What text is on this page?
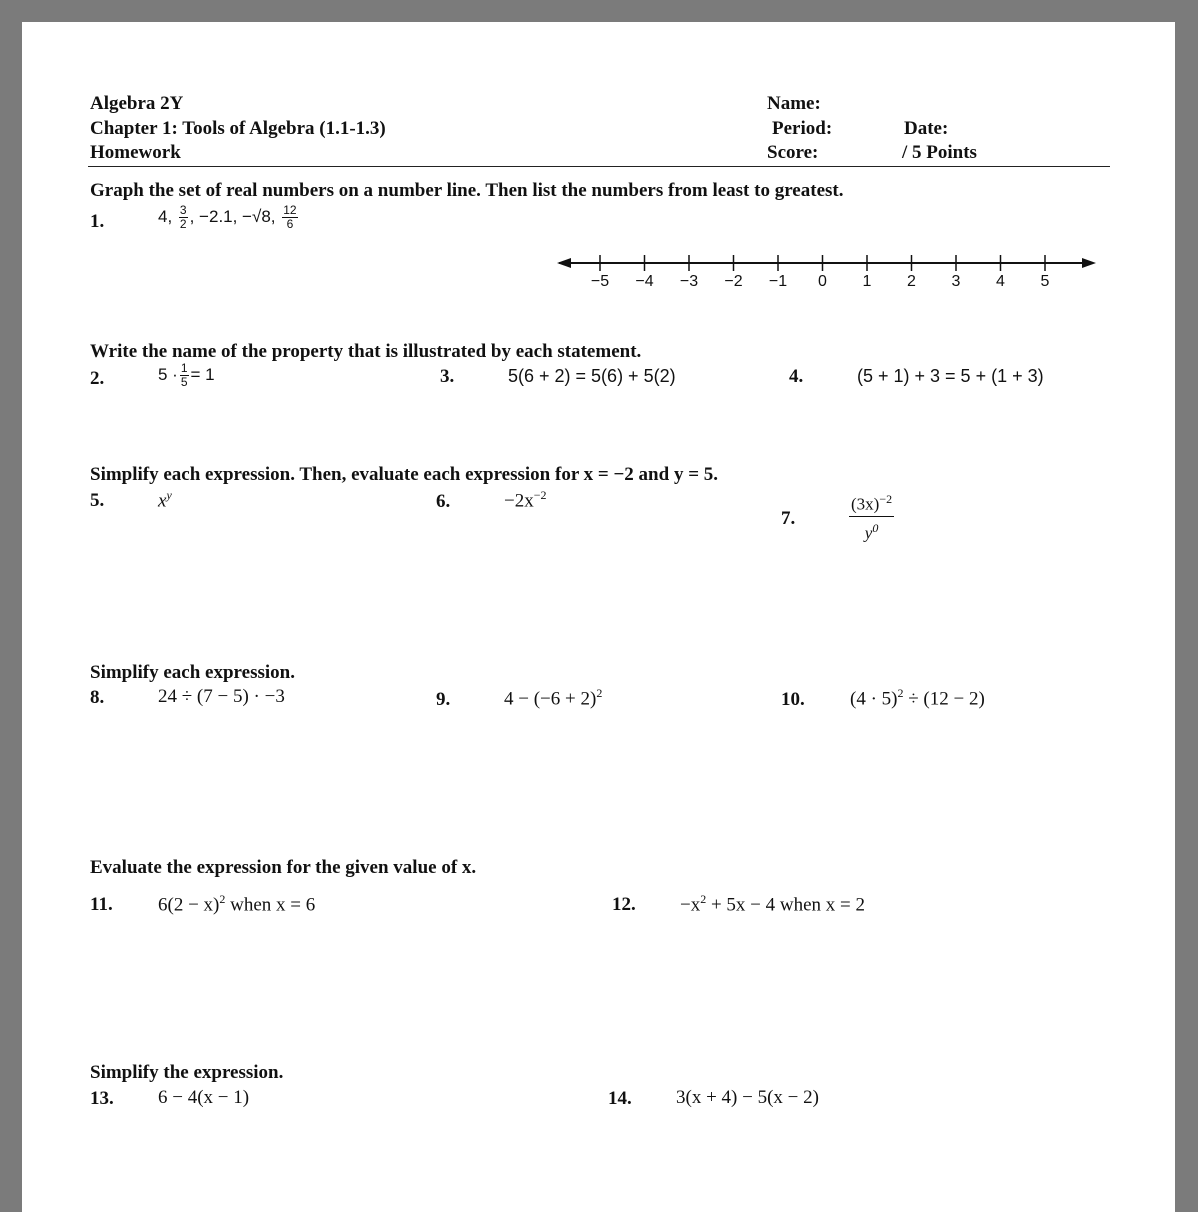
Algebra 2Y
Chapter 1: Tools of Algebra (1.1-1.3)
Homework
Name:
Period:	Date:
Score:	/ 5 Points
Graph the set of real numbers on a number line. Then list the numbers from least to greatest.
1.	4, $\frac{3}{2}$ , −2.1, −√8, $\frac{12}{6}$
−5 −4 −3 −2 −1 0 1 2 3 4 5
Write the name of the property that is illustrated by each statement.
2.	$5 \cdot \frac{1}{5} = 1$	3.	5(6 + 2) = 5(6) + 5(2)	4.	(5 + 1) + 3 = 5 + (1 + 3)
Simplify each expression. Then, evaluate each expression for x = −2 and y = 5.
5.	$x^y$	6.	$-2x^{-2}$
7.	$\frac{(3x)^{-2}}{y^0}$
Simplify each expression.
8.	24 ÷ (7 − 5) · −3	9.	$4 - (-6 + 2)^2$	10. $(4 \cdot 5)^2 \div (12 - 2)$
Evaluate the expression for the given value of x.
11. $6(2 - x)^2$ when x = 6	12. $-x^2 + 5x - 4$ when x = 2
Simplify the expression.
13. 6 − 4(x − 1)	14. 3(x + 4) − 5(x − 2)
